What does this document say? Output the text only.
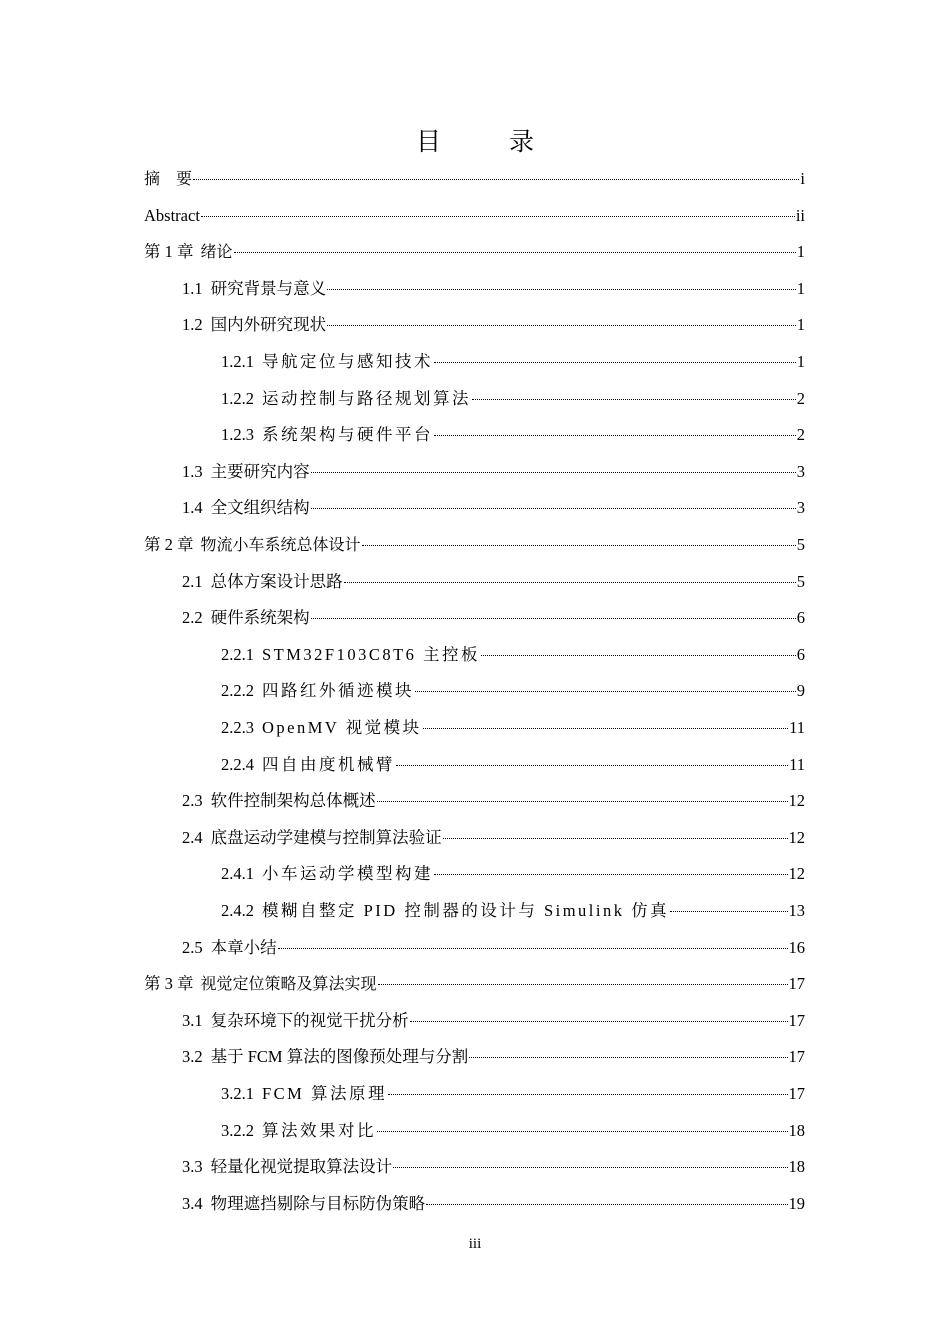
目 录
摘　要	i
Abstract	ii
第 1 章 绪论	1
1.1 研究背景与意义	1
1.2 国内外研究现状	1
1.2.1 导航定位与感知技术	1
1.2.2 运动控制与路径规划算法	2
1.2.3 系统架构与硬件平台	2
1.3 主要研究内容	3
1.4 全文组织结构	3
第 2 章 物流小车系统总体设计	5
2.1 总体方案设计思路	5
2.2 硬件系统架构	6
2.2.1 STM32F103C8T6 主控板	6
2.2.2 四路红外循迹模块	9
2.2.3 OpenMV 视觉模块	11
2.2.4 四自由度机械臂	11
2.3 软件控制架构总体概述	12
2.4 底盘运动学建模与控制算法验证	12
2.4.1 小车运动学模型构建	12
2.4.2 模糊自整定 PID 控制器的设计与 Simulink 仿真	13
2.5 本章小结	16
第 3 章 视觉定位策略及算法实现	17
3.1 复杂环境下的视觉干扰分析	17
3.2 基于 FCM 算法的图像预处理与分割	17
3.2.1 FCM 算法原理	17
3.2.2 算法效果对比	18
3.3 轻量化视觉提取算法设计	18
3.4 物理遮挡剔除与目标防伪策略	19
iii
